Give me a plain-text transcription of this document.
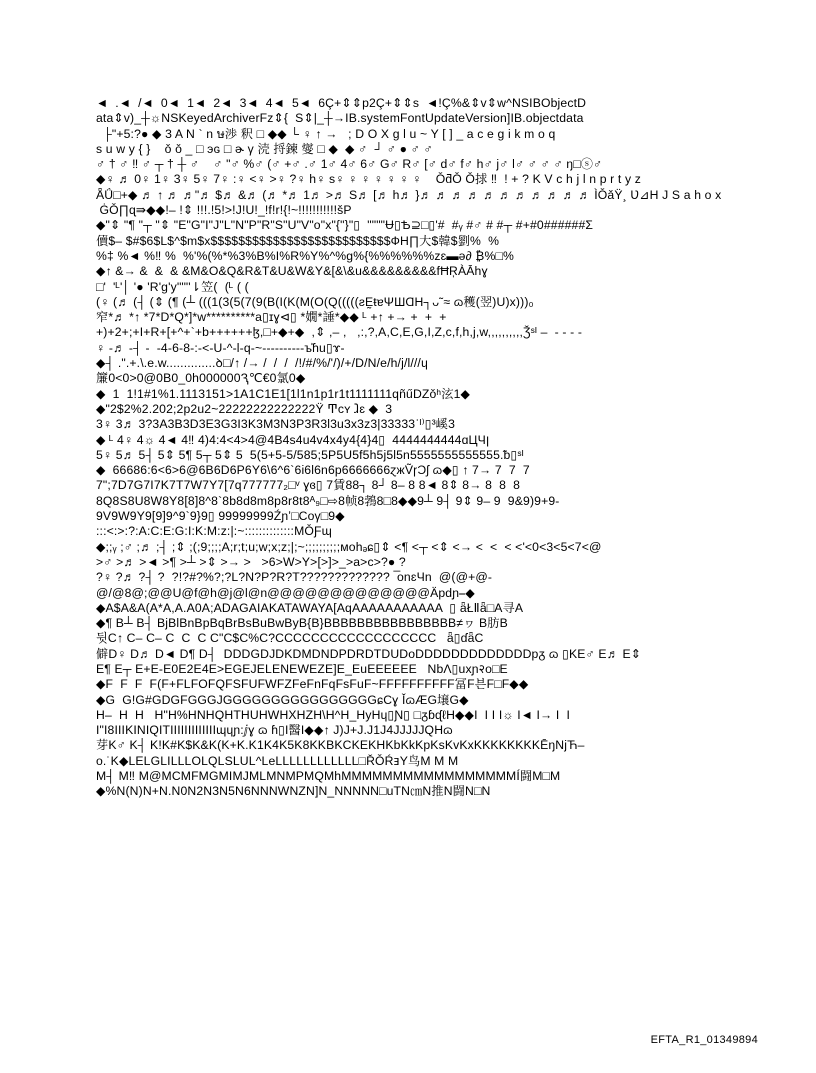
◄  .◄  /◄  0◄  1◄  2◄  3◄  4◄  5◄  6Ç+⇕⇕p2Ç+⇕⇕s  ◄!Ç%&⇕v⇕w^NSIBObjectD
ata⇕v)_┼☼NSKeyedArchiverFz⇕{  S⇕|_┼→IB.systemFontUpdateVersion]IB.objectdata
├"+5:?● ◆ 3 A N ` n ษ渉 釈 □ ◆◆ └ ♀ ↑ →   ; D O X g l u ~ Y [ ] _ a c e g i k m o q
s u w y { }    ǒ ǒ _ □ эɢ □ ɚ γ 涜 捋鍊 燮 □ ◆  ◆ ♂  ┘ ♂ ● ♂ ♂
♂ † ♂ ‼ ♂ ┬ † ┼ ♂    ♂ "♂ %♂ (♂ +♂ .♂ 1♂ 4♂ 6♂ G♂ R♂ [♂ d♂ f♂ h♂ j♂ l♂ ♂ ♂ ♂ ŋ□ⓢ♂
◆♀ ♬ 0♀ 1♀ 3♀ 5♀ 7♀ :♀ <♀ >♀ ?♀ h♀ s♀ ♀ ♀ ♀ ♀ ♀ ♀    ǑƌǑ Ǒ捄 ‼  ! + ? K V c h j l n p r t y z
ǞǗ□+◆ ♬ ↑ ♬ ♬"♬ $♬ &♬ (♬ *♬ 1♬ >♬ S♬ [♬ h♬ }♬ ♬ ♬ ♬ ♬ ♬ ♬ ♬ ♬ ♬ ♬ ÌǑǎŸ¸ Ʋ⊿H J S a h o x
ĠǑ∏ɋ⇛◆◆!– !⇕ !!!.!5!>!J!U!_!f!r!{!~!!!!!!!!!!!šP
◆"⇕ "¶ "┬ "⇕ "E"G"I"J"L"N"P"R"S"U"V"o"x"{"}"▯  """"Ʉ▯Ѣ⊇□▯'#  #ᵧ #♂ # #┬ #+#0######Σ
儥$– $#$6$L$^$m$x$$$$$$$$$$$$$$$$$$$$$$$$$$ФΗ∏大$韓$劉%  %
%‡ %◄ %‼ %  %'%(%*%3%B%I%R%Y%^%g%{%%%%%%zɛ▬ǝ∂ ₿%□%
◆↑ &→ &  &  & &M&O&Q&R&T&U&W&Y&[&\&u&&&&&&&&&fĦŖÀĀhɣ
□'  'ᴸ'│ '● 'R'g'y'""'⇂笠(  (ᴸ ( (
(♀ (♬ (┤ (⇕ (¶ (┴ (((1(3(5(7(9(B(I(K(M(O(Q(((((ƨḚŧɐΨШⱭΗ┐ᴗ˜≈ ɷ穫(翌)U)x)))₀
窄*♬ *↑ *7*D*Q*]*w**********a▯ɪɣ⊲▯ *嫺*諈*◆◆ ᴸ +↑ +→ +  +  +
+)+2+;+I+R+[+^+`+b++++++ɮ,□+◆+◆  ,⇕ ,– ,   ,:,?,A,C,E,G,I,Z,c,f,h,j,w,,,,,,,,,,Ǯˢᴵ –  - - - -
♀ -♬ -┤ -  -4-6-8-:-<-U-^-l-q-~----------ъ͐ɦu▯ɤ-
◆┤ .".+.\.e.w..............ꝺ□/↑ /→ /  /  /  /!/#/%/'/)/+/D/N/e/h/j/l///ɥ
簾0<0>0@0B0_0h000000Ԇ℃€0氯0◆
◆  1  1!1#1%1.1113151>1A1C1E1[1l1n1p1r1t1111111qñűDZǒʰ泫1◆
◆"2$2%2.202;2p2u2~22222222222222Ÿ Ͳcʏ ⱹɛ ◆  3
3♀ 3♬ 3?3A3B3D3E3G3I3K3M3N3P3R3l3u3x3z3|33333ʾᴵ⁾▯³嵠3
◆ ᴸ 4♀ 4☼ 4◄ 4‼ 4)4:4<4>4@4B4s4u4v4x4y4{4}4▯  4444444444ɑЦЧן
5♀ 5♬ 5┤ 5⇕ 5¶ 5┬ 5⇕ 5  5(5+5-5/585;5P5U5f5h5j5l5n5555555555555.ᵬ▯ˢᴵ
◆  66686:6<6>6@6B6D6P6Y6\6^6`6i6l6n6p6666666ɀжṼɼϽʃ ɷ◆▯ ↑ 7→ 7  7  7
7";7D7G7I7K7T7W7Y7[7q777777₂□ᵛ ɣɞ▯ 7賃88┐ 8┘ 8– 8 8◄ 8⇕ 8→ 8  8  8
8Q8S8U8W8Y8[8]8^8`8b8d8m8p8r8t8ᴬ₉□⇨8帧8鵓8□8◆◆9┴ 9┤ 9⇕ 9– 9  9&9)9+9-
9V9W9Y9[9]9^9`9}9▯ 99999999Źɲʼ□Coγ□9◆
:::<:>:?:A:C:E:G:I:K:M:z:|:~::::::::::::::MǑƑɰ
◆;;ᵧ ;♂ ;♬ ;┤ ;⇕ ;(;9;;;;A;r;t;u;w;x;z;|;~;;;;;;;;;;мohₔɕ▯⇕ <¶ <┬ <⇕ <→ <  <  < <'<0<3<5<7<@
>♂ >♬ >◄ >¶ >┴ >⇕ >→ >   >6>W>Y>[>]>_>a>c>?● ?
?♀ ?♬ ?┤ ?  ?!?#?%?;?L?N?P?R?T?????????????  ̅onɛЧn  @(@+@-
@/@8@;@@U@f@h@j@l@n@@@@@@@@@@@@@Äpdɲ⎯◆
◆A$A&A(A*A,A.A0A;ADAGAIAKATAWAYA[AqAAAAAAAAAAA  ▯ ǟŁⅡǟ□A寻A
◆¶ B┴ B┤ BjBlBnBpBqBrBsBuBwByB{B}BBBBBBBBBBBBBBBB≠ヮ B肪B
뒷C↑ C– C– C  C  C C"C$C%C?CCCCCCCCCCCCCCCCCC   ǟ▯ɗǟC
僻D♀ D♬ D◄ D¶ D┤  DDDGDJDKDMDNDPDRDTDUDoDDDDDDDDDDDDDpᵹ ɷ ▯KE♂ E♬ E⇕
E¶ E┬ E+E-E0E2E4E>EGEJELENEWEZE]E_EuEEEEEE   NbɅ▯uxɲ२o□E
◆F  F  F  F(F+FLFOFQFSFUFWFZFeFnFqFsFuF~FFFFFFFFFF冨F븐F□F◆◆
◆G  G!G#GDGFGGGJGGGGGGGGGGGGGGGGɕϹɣ ǏɷÆG壌G◆
H–  H  H   H"H%HNHQHTHUHWHXHZH\H^H_HyHɥ▯Ɲ▯ □ᵹɓᶑℓH◆◆I  I I I☼ I◄ I→ I  I
I"I8IIIKINIQITIIIIIIIIIIIIIɰɥɲ:ⅉɣ ɷ ɦ▯I醫I◆◆↑ J)J+J.J1J4JJJJJQHɷ
芽K♂ K┤ K!K#K$K&K(K+K.K1K4K5K8KKBKCKEKHKbKkKpKsKvKxKKKKKKKKĒŋNjЋ–
o.˙K◆LELGLILLLOLQLSLUL^LeLLLLLLLLLLLL□ŘǑŔⱻY鸟M M M
M┤ M‼ M@MCMFMGMIMJMLMNMPMQMhMMMMMMMMMMMMMMMMMÍ闘M□M
◆%N(N)N+N.N0N2N3N5N6NNNWNZN]N_NNNNN□uTN㎝N推N闘N□N
EFTA_R1_01349894
